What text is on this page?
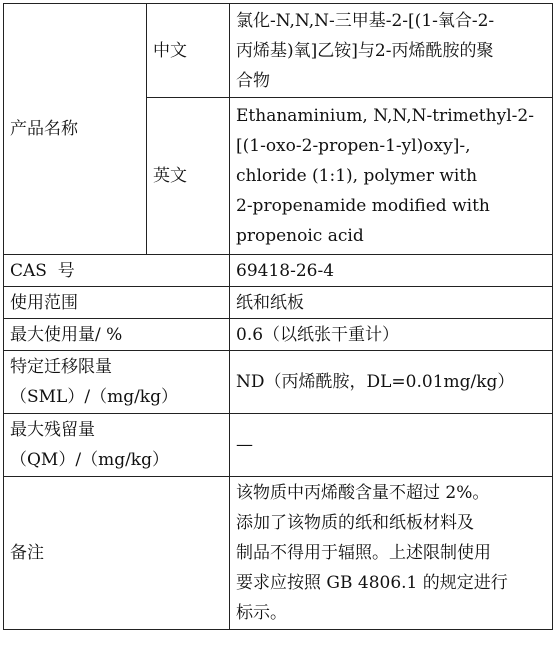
产品名称	中文	氯化-N,N,N-三甲基-2-[(1-氧合-2-
丙烯基)氧]乙铵]与2-丙烯酰胺的聚
合物

	英文	Ethanaminium, N,N,N-trimethyl-2-
[(1-oxo-2-propen-1-yl)oxy]-,
chloride (1:1), polymer with
2-propenamide modified with
propenoic acid

CAS  号		69418-26-4
使用范围		纸和纸板
最大使用量/ %		0.6（以纸张干重计）

特定迁移限量
（SML）/（mg/kg）		ND（丙烯酰胺，DL=0.01mg/kg）

最大残留量
（QM）/（mg/kg）		—
备注		该物质中丙烯酸含量不超过 2%。
添加了该物质的纸和纸板材料及
制品不得用于辐照。上述限制使用
要求应按照 GB 4806.1 的规定进行
标示。
